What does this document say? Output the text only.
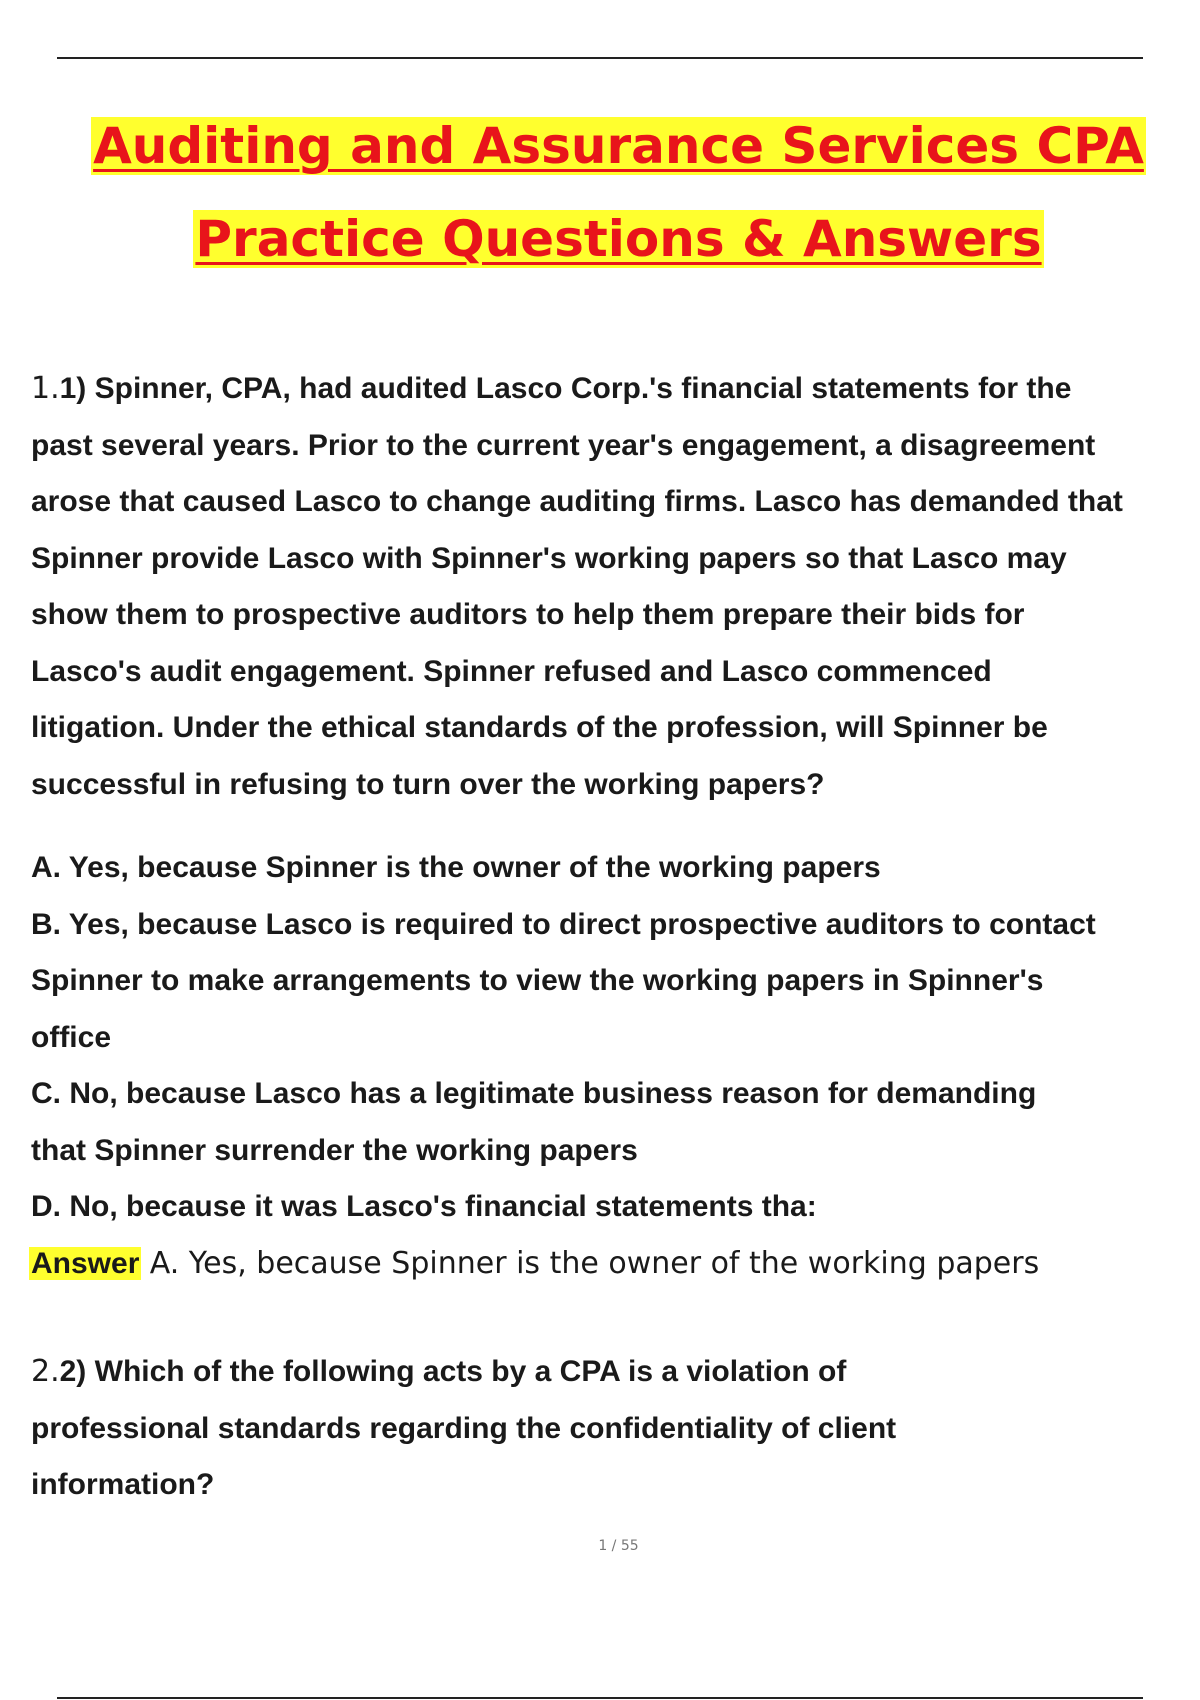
Auditing and Assurance Services CPA
Practice Questions & Answers
1.1) Spinner, CPA, had audited Lasco Corp.'s financial statements for the
past several years. Prior to the current year's engagement, a disagreement
arose that caused Lasco to change auditing firms. Lasco has demanded that
Spinner provide Lasco with Spinner's working papers so that Lasco may
show them to prospective auditors to help them prepare their bids for
Lasco's audit engagement. Spinner refused and Lasco commenced
litigation. Under the ethical standards of the profession, will Spinner be
successful in refusing to turn over the working papers?
A. Yes, because Spinner is the owner of the working papers
B. Yes, because Lasco is required to direct prospective auditors to contact
Spinner to make arrangements to view the working papers in Spinner's
office
C. No, because Lasco has a legitimate business reason for demanding
that Spinner surrender the working papers
D. No, because it was Lasco's financial statements tha:
Answer A. Yes, because Spinner is the owner of the working papers
2.2) Which of the following acts by a CPA is a violation of
professional standards regarding the confidentiality of client
information?
1 / 55
